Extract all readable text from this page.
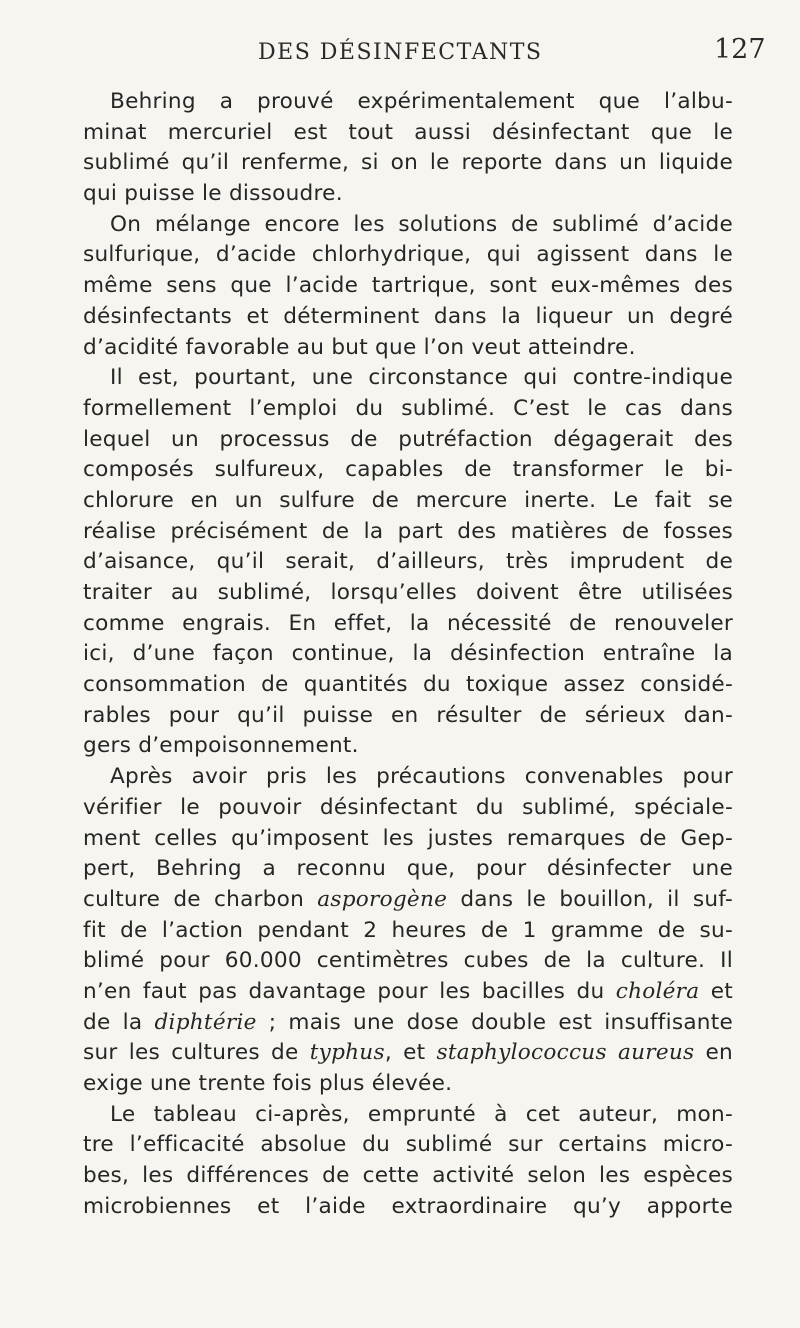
DES DÉSINFECTANTS	127
Behring a prouvé expérimentalement que l’albu-
minat mercuriel est tout aussi désinfectant que le
sublimé qu’il renferme, si on le reporte dans un liquide
qui puisse le dissoudre.
On mélange encore les solutions de sublimé d’acide
sulfurique, d’acide chlorhydrique, qui agissent dans le
même sens que l’acide tartrique, sont eux-mêmes des
désinfectants et déterminent dans la liqueur un degré
d’acidité favorable au but que l’on veut atteindre.
Il est, pourtant, une circonstance qui contre-indique
formellement l’emploi du sublimé. C’est le cas dans
lequel un processus de putréfaction dégagerait des
composés sulfureux, capables de transformer le bi-
chlorure en un sulfure de mercure inerte. Le fait se
réalise précisément de la part des matières de fosses
d’aisance, qu’il serait, d’ailleurs, très imprudent de
traiter au sublimé, lorsqu’elles doivent être utilisées
comme engrais. En effet, la nécessité de renouveler
ici, d’une façon continue, la désinfection entraîne la
consommation de quantités du toxique assez considé-
rables pour qu’il puisse en résulter de sérieux dan-
gers d’empoisonnement.
Après avoir pris les précautions convenables pour
vérifier le pouvoir désinfectant du sublimé, spéciale-
ment celles qu’imposent les justes remarques de Gep-
pert, Behring a reconnu que, pour désinfecter une
culture de charbon asporogène dans le bouillon, il suf-
fit de l’action pendant 2 heures de 1 gramme de su-
blimé pour 60.000 centimètres cubes de la culture. Il
n’en faut pas davantage pour les bacilles du choléra et
de la diphtérie ; mais une dose double est insuffisante
sur les cultures de typhus, et staphylococcus aureus en
exige une trente fois plus élevée.
Le tableau ci-après, emprunté à cet auteur, mon-
tre l’efficacité absolue du sublimé sur certains micro-
bes, les différences de cette activité selon les espèces
microbiennes et l’aide extraordinaire qu’y apporte
